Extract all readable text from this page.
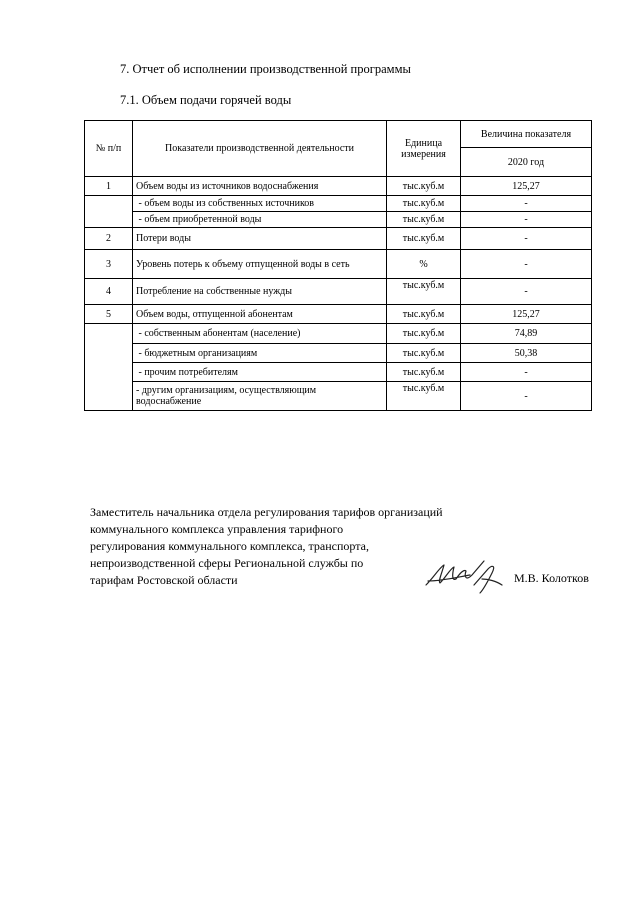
7. Отчет об исполнении производственной программы
7.1. Объем подачи горячей воды
№ п/п	Показатели производственной деятельности	Единица измерения	Величина показателя
			2020 год
1	Объем воды из источников водоснабжения	тыс.куб.м	125,27
	- объем воды из собственных источников	тыс.куб.м	-
	- объем приобретенной воды	тыс.куб.м	-
2	Потери воды	тыс.куб.м	-
3	Уровень потерь к объему отпущенной воды в сеть	%	-
4	Потребление на собственные нужды	тыс.куб.м	-
5	Объем воды, отпущенной абонентам	тыс.куб.м	125,27
	- собственным абонентам (население)	тыс.куб.м	74,89
	- бюджетным организациям	тыс.куб.м	50,38
	- прочим потребителям	тыс.куб.м	-
	- другим организациям, осуществляющим водоснабжение	тыс.куб.м	-
Заместитель начальника отдела регулирования тарифов организаций
коммунального комплекса управления тарифного
регулирования коммунального комплекса, транспорта,
непроизводственной сферы Региональной службы по
тарифам Ростовской области	М.В. Колотков
